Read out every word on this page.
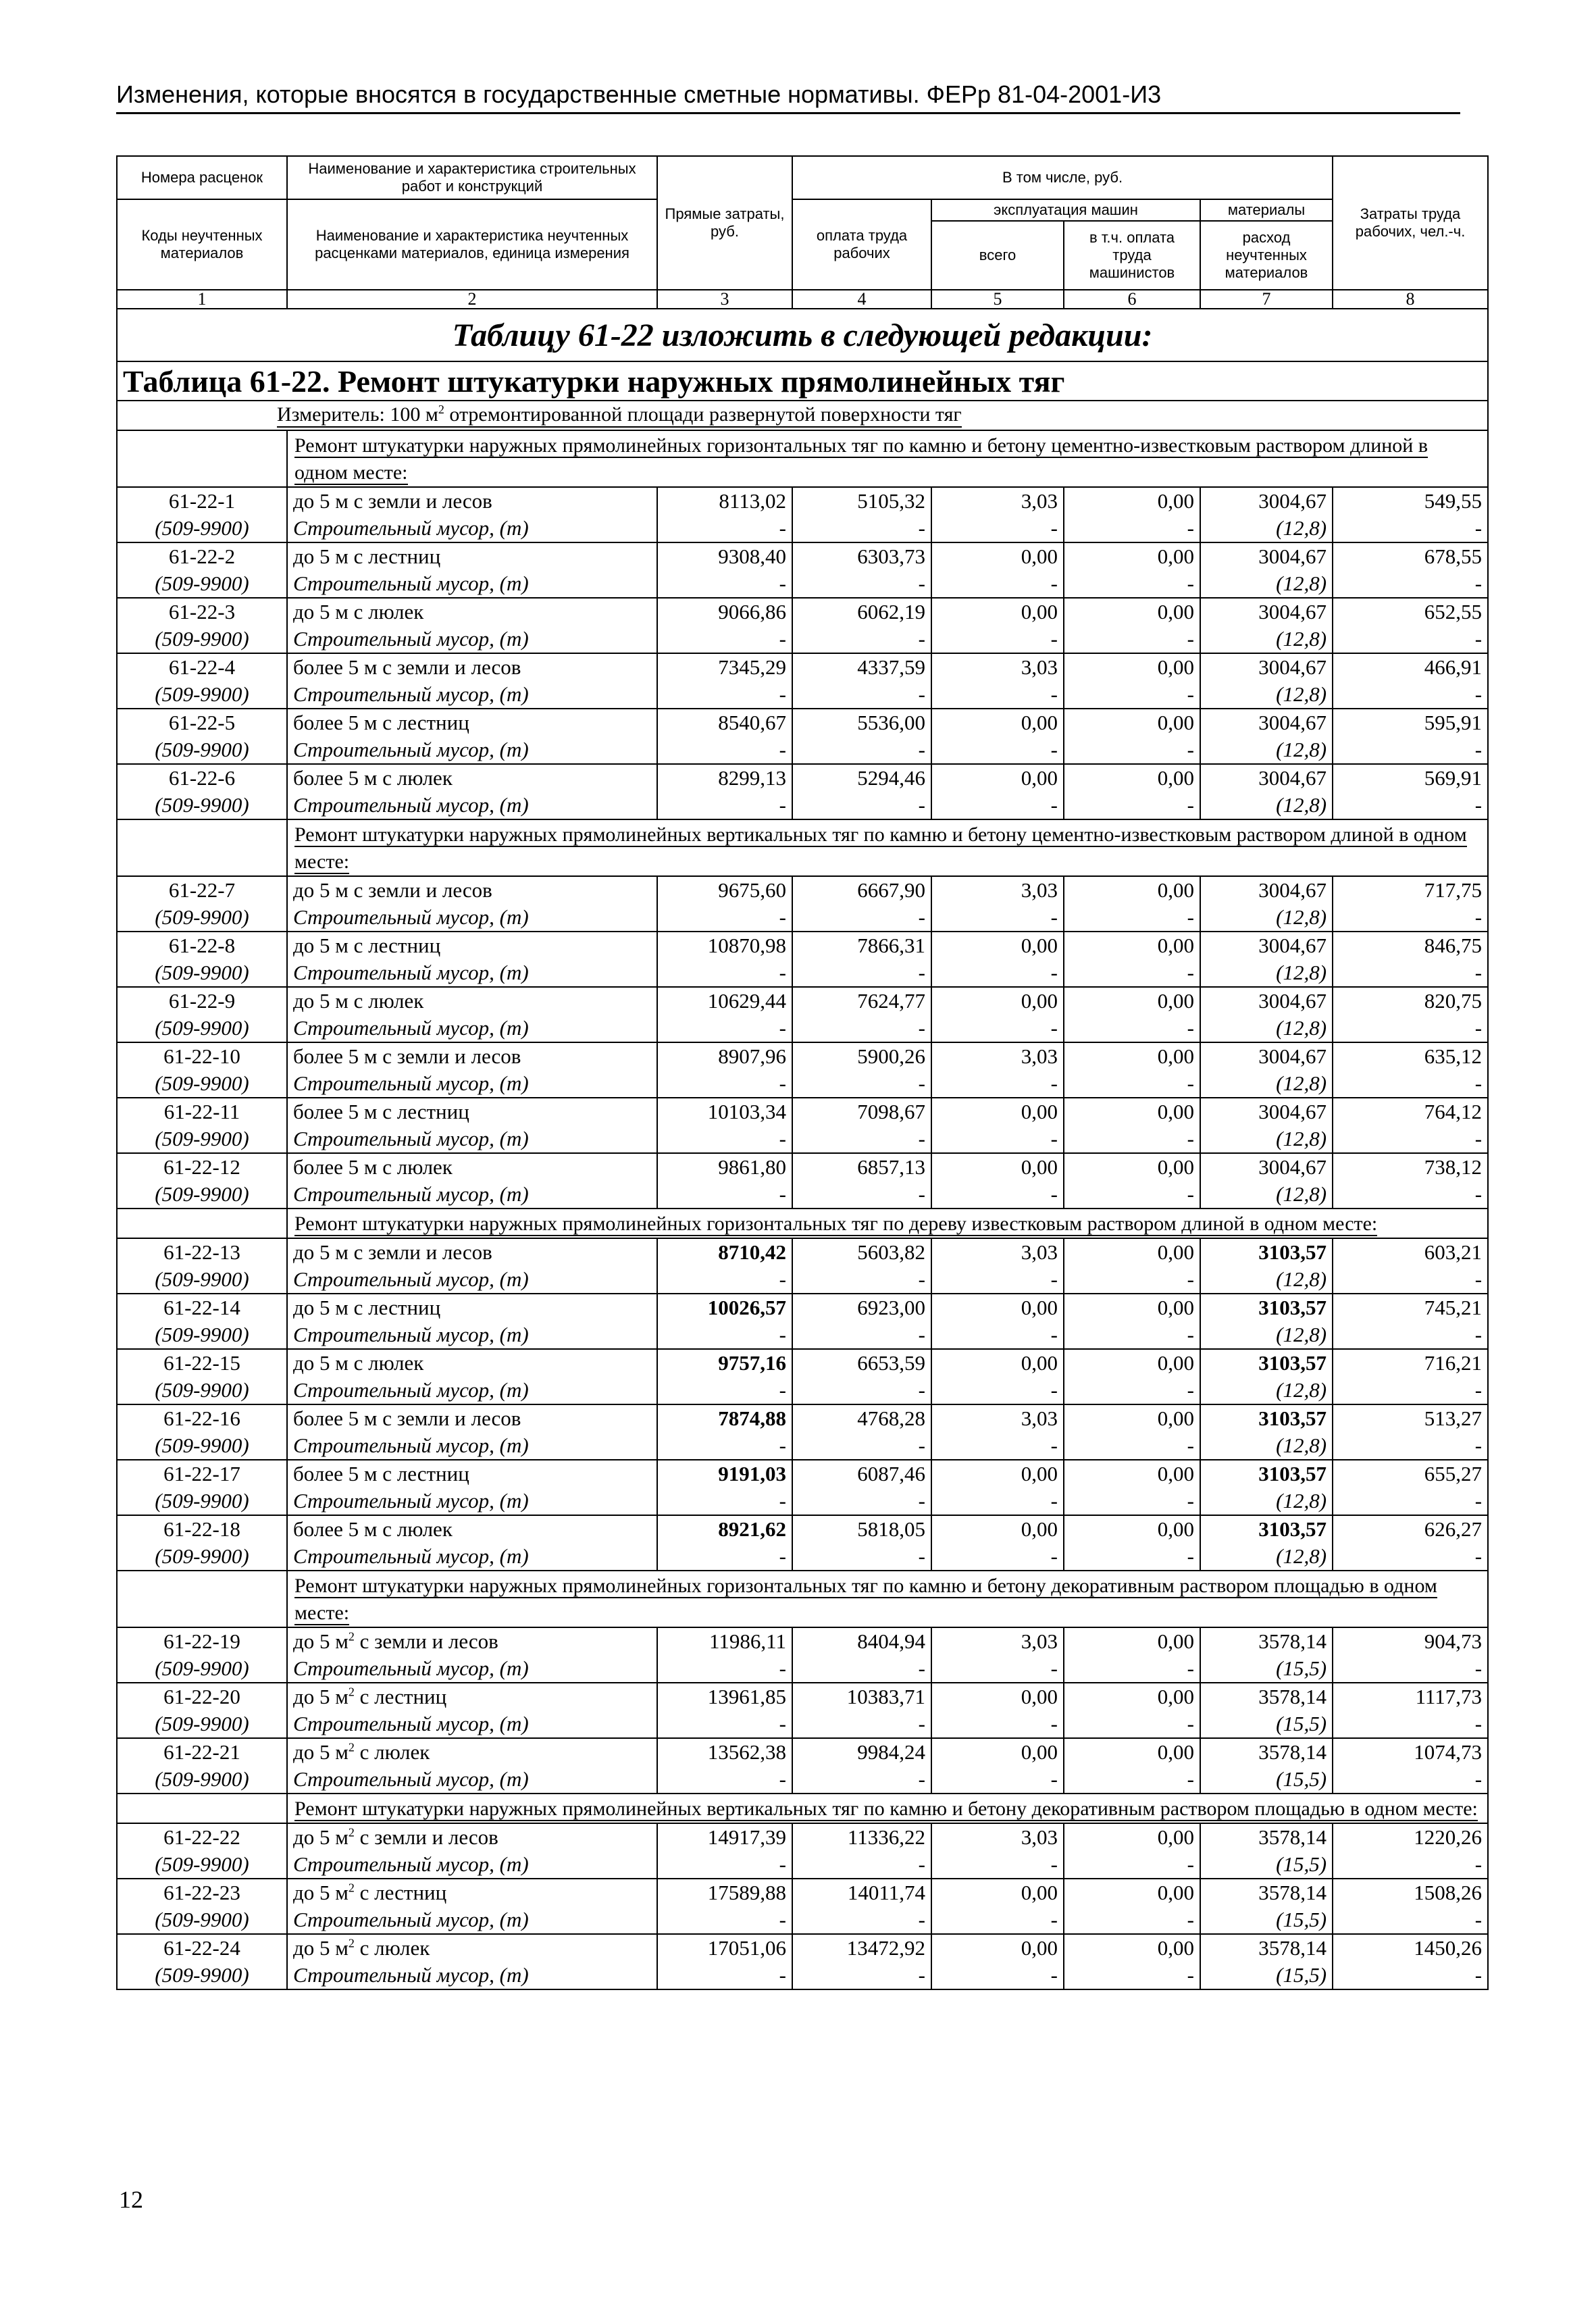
Изменения, которые вносятся в государственные сметные нормативы. ФЕРр 81-04-2001-И3
Номера расценок	Наименование и характеристика строительных работ и конструкций	Прямые затраты, руб.	В том числе, руб.				Затраты труда рабочих, чел.-ч.
Коды неучтенных материалов	Наименование и характеристика неучтенных расценками материалов, единица измерения		оплата труда рабочих	эксплуатация машин		материалы	
				всего	в т.ч. оплата труда машинистов	расход неучтенных материалов	
1	2	3	4	5	6	7	8
Таблицу 61-22 изложить в следующей редакции:							
Таблица 61-22. Ремонт штукатурки наружных прямолинейных тяг							
Измеритель: 100 $м^2$ отремонтированной площади развернутой поверхности тяг							
	Ремонт штукатурки наружных прямолинейных горизонтальных тяг по камню и бетону цементно-известковым раствором длиной в одном месте:						
61-22-1	до 5 м с земли и лесов	8113,02	5105,32	3,03	0,00	3004,67	549,55
(509-9900)	Строительный мусор, (т)	-	-	-	-	(12,8)	-
61-22-2	до 5 м с лестниц	9308,40	6303,73	0,00	0,00	3004,67	678,55
(509-9900)	Строительный мусор, (т)	-	-	-	-	(12,8)	-
61-22-3	до 5 м с люлек	9066,86	6062,19	0,00	0,00	3004,67	652,55
(509-9900)	Строительный мусор, (т)	-	-	-	-	(12,8)	-
61-22-4	более 5 м с земли и лесов	7345,29	4337,59	3,03	0,00	3004,67	466,91
(509-9900)	Строительный мусор, (т)	-	-	-	-	(12,8)	-
61-22-5	более 5 м с лестниц	8540,67	5536,00	0,00	0,00	3004,67	595,91
(509-9900)	Строительный мусор, (т)	-	-	-	-	(12,8)	-
61-22-6	более 5 м с люлек	8299,13	5294,46	0,00	0,00	3004,67	569,91
(509-9900)	Строительный мусор, (т)	-	-	-	-	(12,8)	-
	Ремонт штукатурки наружных прямолинейных вертикальных тяг по камню и бетону цементно-известковым раствором длиной в одном месте:						
61-22-7	до 5 м с земли и лесов	9675,60	6667,90	3,03	0,00	3004,67	717,75
(509-9900)	Строительный мусор, (т)	-	-	-	-	(12,8)	-
61-22-8	до 5 м с лестниц	10870,98	7866,31	0,00	0,00	3004,67	846,75
(509-9900)	Строительный мусор, (т)	-	-	-	-	(12,8)	-
61-22-9	до 5 м с люлек	10629,44	7624,77	0,00	0,00	3004,67	820,75
(509-9900)	Строительный мусор, (т)	-	-	-	-	(12,8)	-
61-22-10	более 5 м с земли и лесов	8907,96	5900,26	3,03	0,00	3004,67	635,12
(509-9900)	Строительный мусор, (т)	-	-	-	-	(12,8)	-
61-22-11	более 5 м с лестниц	10103,34	7098,67	0,00	0,00	3004,67	764,12
(509-9900)	Строительный мусор, (т)	-	-	-	-	(12,8)	-
61-22-12	более 5 м с люлек	9861,80	6857,13	0,00	0,00	3004,67	738,12
(509-9900)	Строительный мусор, (т)	-	-	-	-	(12,8)	-
	Ремонт штукатурки наружных прямолинейных горизонтальных тяг по дереву известковым раствором длиной в одном месте:						
61-22-13	до 5 м с земли и лесов	8710,42	5603,82	3,03	0,00	3103,57	603,21
(509-9900)	Строительный мусор, (т)	-	-	-	-	(12,8)	-
61-22-14	до 5 м с лестниц	10026,57	6923,00	0,00	0,00	3103,57	745,21
(509-9900)	Строительный мусор, (т)	-	-	-	-	(12,8)	-
61-22-15	до 5 м с люлек	9757,16	6653,59	0,00	0,00	3103,57	716,21
(509-9900)	Строительный мусор, (т)	-	-	-	-	(12,8)	-
61-22-16	более 5 м с земли и лесов	7874,88	4768,28	3,03	0,00	3103,57	513,27
(509-9900)	Строительный мусор, (т)	-	-	-	-	(12,8)	-
61-22-17	более 5 м с лестниц	9191,03	6087,46	0,00	0,00	3103,57	655,27
(509-9900)	Строительный мусор, (т)	-	-	-	-	(12,8)	-
61-22-18	более 5 м с люлек	8921,62	5818,05	0,00	0,00	3103,57	626,27
(509-9900)	Строительный мусор, (т)	-	-	-	-	(12,8)	-
	Ремонт штукатурки наружных прямолинейных горизонтальных тяг по камню и бетону декоративным раствором площадью в одном месте:						
61-22-19	до 5 $м^2$ с земли и лесов	11986,11	8404,94	3,03	0,00	3578,14	904,73
(509-9900)	Строительный мусор, (т)	-	-	-	-	(15,5)	-
61-22-20	до 5 $м^2$ с лестниц	13961,85	10383,71	0,00	0,00	3578,14	1117,73
(509-9900)	Строительный мусор, (т)	-	-	-	-	(15,5)	-
61-22-21	до 5 $м^2$ с люлек	13562,38	9984,24	0,00	0,00	3578,14	1074,73
(509-9900)	Строительный мусор, (т)	-	-	-	-	(15,5)	-
	Ремонт штукатурки наружных прямолинейных вертикальных тяг по камню и бетону декоративным раствором площадью в одном месте:						
61-22-22	до 5 $м^2$ с земли и лесов	14917,39	11336,22	3,03	0,00	3578,14	1220,26
(509-9900)	Строительный мусор, (т)	-	-	-	-	(15,5)	-
61-22-23	до 5 $м^2$ с лестниц	17589,88	14011,74	0,00	0,00	3578,14	1508,26
(509-9900)	Строительный мусор, (т)	-	-	-	-	(15,5)	-
61-22-24	до 5 $м^2$ с люлек	17051,06	13472,92	0,00	0,00	3578,14	1450,26
(509-9900)	Строительный мусор, (т)	-	-	-	-	(15,5)	-
12
